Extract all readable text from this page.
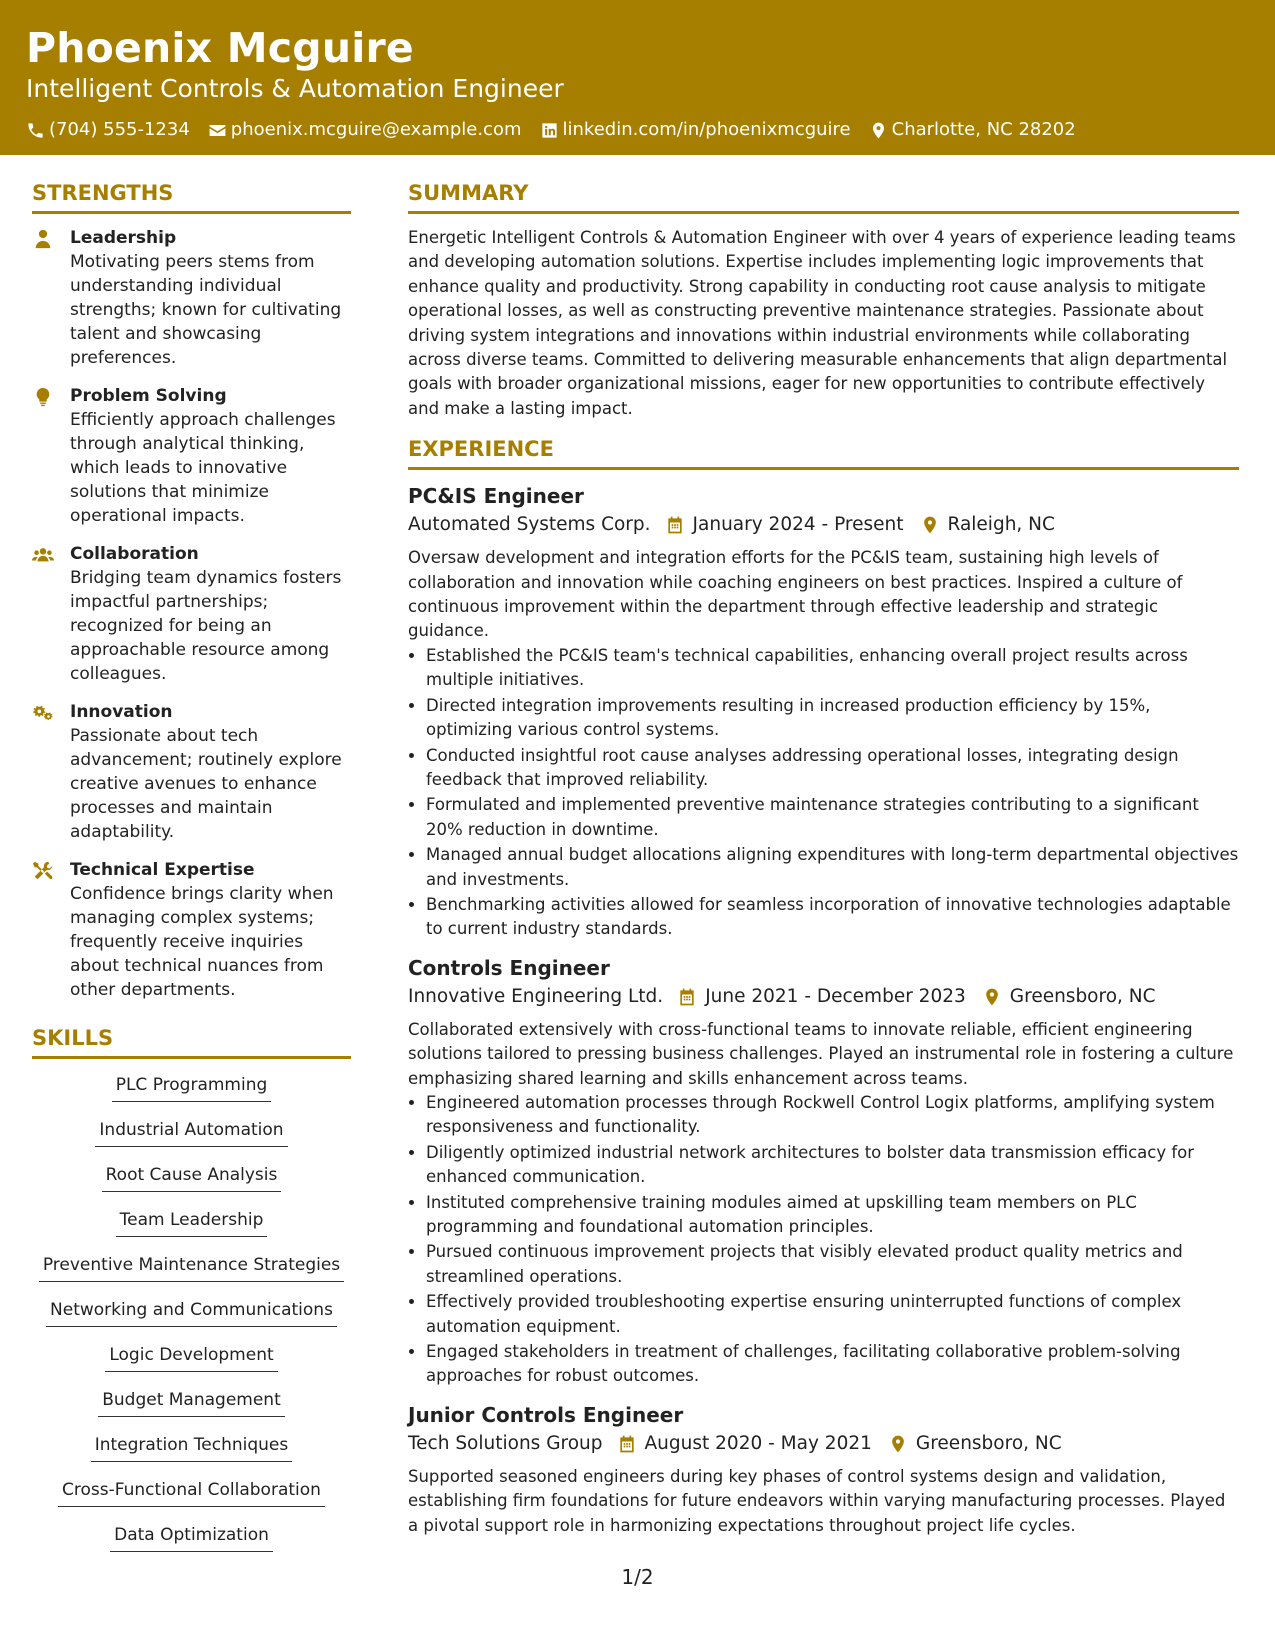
Phoenix Mcguire
Intelligent Controls & Automation Engineer
(704) 555-1234 phoenix.mcguire@example.com linkedin.com/in/phoenixmcguire Charlotte, NC 28202
STRENGTHS
Leadership
Motivating peers stems from understanding individual strengths; known for cultivating talent and showcasing preferences.
Problem Solving
Efficiently approach challenges through analytical thinking, which leads to innovative solutions that minimize operational impacts.
Collaboration
Bridging team dynamics fosters impactful partnerships; recognized for being an approachable resource among colleagues.
Innovation
Passionate about tech advancement; routinely explore creative avenues to enhance processes and maintain adaptability.
Technical Expertise
Confidence brings clarity when managing complex systems; frequently receive inquiries about technical nuances from other departments.
SKILLS
PLC Programming
Industrial Automation
Root Cause Analysis
Team Leadership
Preventive Maintenance Strategies
Networking and Communications
Logic Development
Budget Management
Integration Techniques
Cross-Functional Collaboration
Data Optimization
SUMMARY
Energetic Intelligent Controls & Automation Engineer with over 4 years of experience leading teams and developing automation solutions. Expertise includes implementing logic improvements that enhance quality and productivity. Strong capability in conducting root cause analysis to mitigate operational losses, as well as constructing preventive maintenance strategies. Passionate about driving system integrations and innovations within industrial environments while collaborating across diverse teams. Committed to delivering measurable enhancements that align departmental goals with broader organizational missions, eager for new opportunities to contribute effectively and make a lasting impact.
EXPERIENCE
PC&IS Engineer
Automated Systems Corp. January 2024 - Present Raleigh, NC
Oversaw development and integration efforts for the PC&IS team, sustaining high levels of collaboration and innovation while coaching engineers on best practices. Inspired a culture of continuous improvement within the department through effective leadership and strategic guidance.
• Established the PC&IS team's technical capabilities, enhancing overall project results across multiple initiatives.
• Directed integration improvements resulting in increased production efficiency by 15%, optimizing various control systems.
• Conducted insightful root cause analyses addressing operational losses, integrating design feedback that improved reliability.
• Formulated and implemented preventive maintenance strategies contributing to a significant 20% reduction in downtime.
• Managed annual budget allocations aligning expenditures with long-term departmental objectives and investments.
• Benchmarking activities allowed for seamless incorporation of innovative technologies adaptable to current industry standards.
Controls Engineer
Innovative Engineering Ltd. June 2021 - December 2023 Greensboro, NC
Collaborated extensively with cross-functional teams to innovate reliable, efficient engineering solutions tailored to pressing business challenges. Played an instrumental role in fostering a culture emphasizing shared learning and skills enhancement across teams.
• Engineered automation processes through Rockwell Control Logix platforms, amplifying system responsiveness and functionality.
• Diligently optimized industrial network architectures to bolster data transmission efficacy for enhanced communication.
• Instituted comprehensive training modules aimed at upskilling team members on PLC programming and foundational automation principles.
• Pursued continuous improvement projects that visibly elevated product quality metrics and streamlined operations.
• Effectively provided troubleshooting expertise ensuring uninterrupted functions of complex automation equipment.
• Engaged stakeholders in treatment of challenges, facilitating collaborative problem-solving approaches for robust outcomes.
Junior Controls Engineer
Tech Solutions Group August 2020 - May 2021 Greensboro, NC
Supported seasoned engineers during key phases of control systems design and validation, establishing firm foundations for future endeavors within varying manufacturing processes. Played a pivotal support role in harmonizing expectations throughout project life cycles.
1/2
